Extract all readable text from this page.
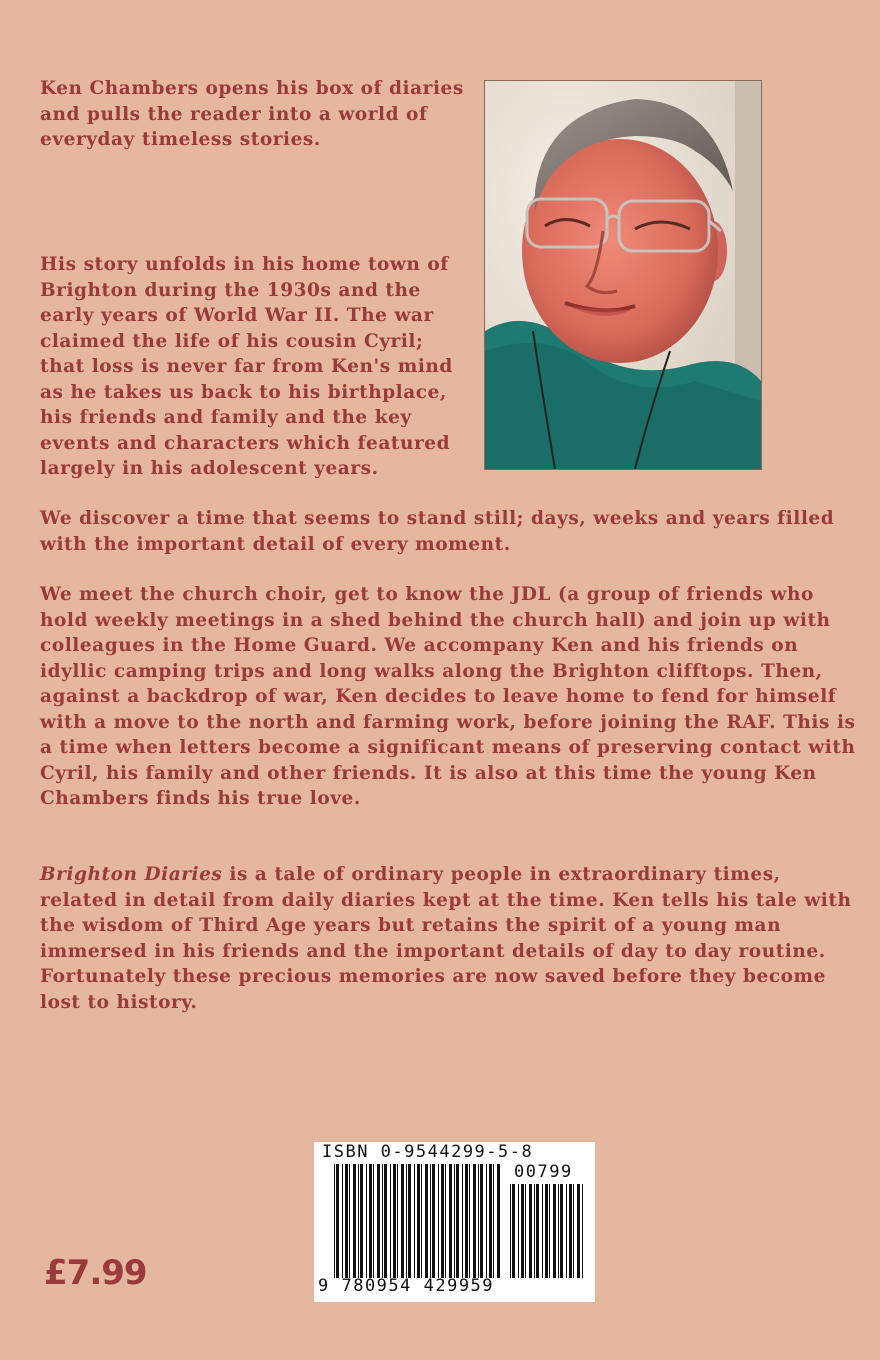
Ken Chambers opens his box of diaries and pulls the reader into a world of everyday timeless stories.

His story unfolds in his home town of Brighton during the 1930s and the early years of World War II. The war claimed the life of his cousin Cyril; that loss is never far from Ken's mind as he takes us back to his birthplace, his friends and family and the key events and characters which featured largely in his adolescent years.

We discover a time that seems to stand still; days, weeks and years filled with the important detail of every moment.

We meet the church choir, get to know the JDL (a group of friends who hold weekly meetings in a shed behind the church hall) and join up with colleagues in the Home Guard. We accompany Ken and his friends on idyllic camping trips and long walks along the Brighton clifftops. Then, against a backdrop of war, Ken decides to leave home to fend for himself with a move to the north and farming work, before joining the RAF. This is a time when letters become a significant means of preserving contact with Cyril, his family and other friends. It is also at this time the young Ken Chambers finds his true love.

Brighton Diaries is a tale of ordinary people in extraordinary times, related in detail from daily diaries kept at the time. Ken tells his tale with the wisdom of Third Age years but retains the spirit of a young man immersed in his friends and the important details of day to day routine. Fortunately these precious memories are now saved before they become lost to history.

ISBN 0-9544299-5-8

00799

9 780954 429959

£7.99
